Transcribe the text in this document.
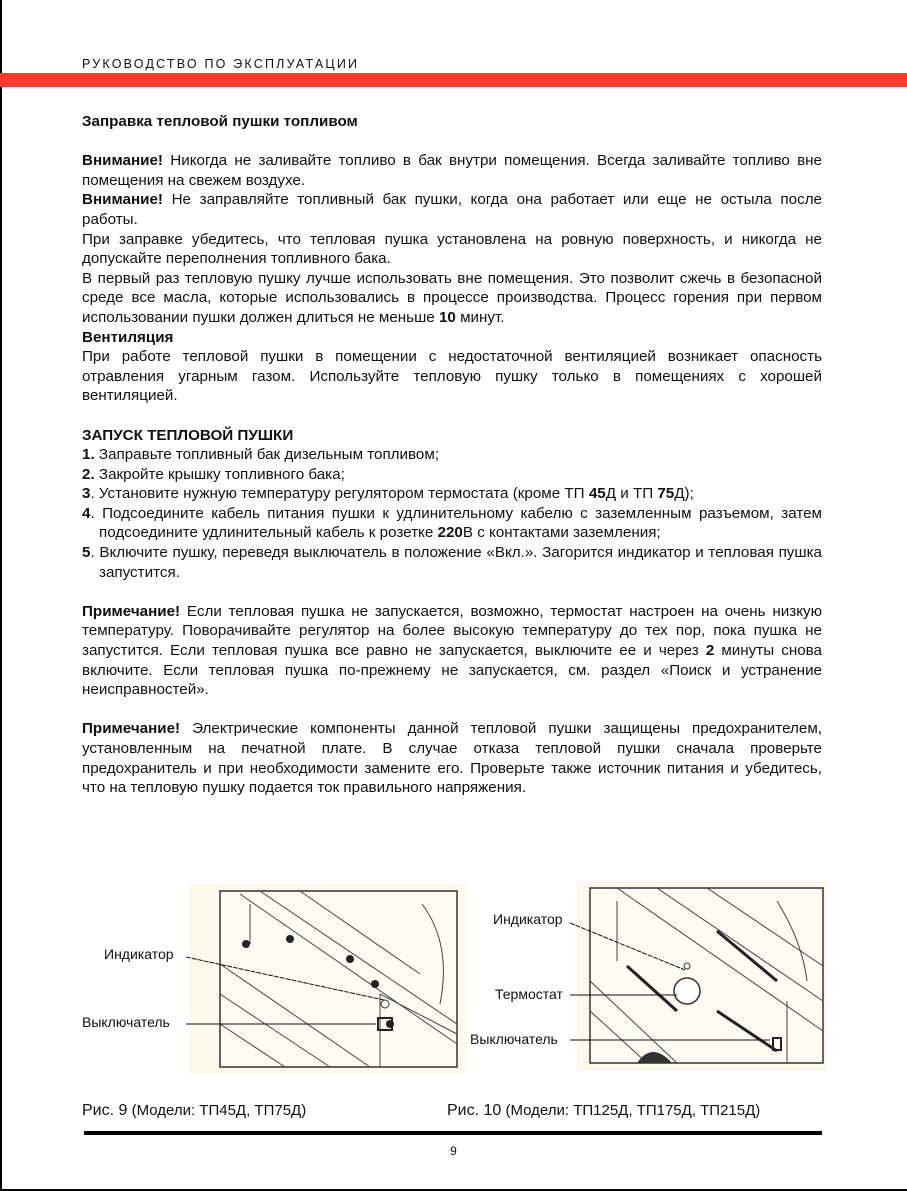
РУКОВОДСТВО ПО ЭКСПЛУАТАЦИИ
Заправка тепловой пушки топливом

Внимание! Никогда не заливайте топливо в бак внутри помещения. Всегда заливайте топливо вне помещения на свежем воздухе.

Внимание! Не заправляйте топливный бак пушки, когда она работает или еще не остыла после работы.

При заправке убедитесь, что тепловая пушка установлена на ровную поверхность, и никогда не допускайте переполнения топливного бака.

В первый раз тепловую пушку лучше использовать вне помещения. Это позволит сжечь в безопасной среде все масла, которые использовались в процессе производства. Процесс горения при первом использовании пушки должен длиться не меньше 10 минут.

Вентиляция

При работе тепловой пушки в помещении с недостаточной вентиляцией возникает опасность отравления угарным газом. Используйте тепловую пушку только в помещениях с хорошей вентиляцией.

ЗАПУСК ТЕПЛОВОЙ ПУШКИ

1. Заправьте топливный бак дизельным топливом;

2. Закройте крышку топливного бака;

3. Установите нужную температуру регулятором термостата (кроме ТП 45Д и ТП 75Д);

4. Подсоедините кабель питания пушки к удлинительному кабелю с заземленным разъемом, затем подсоедините удлинительный кабель к розетке 220В с контактами заземления;

5. Включите пушку, переведя выключатель в положение «Вкл.». Загорится индикатор и тепловая пушка запустится.

Примечание! Если тепловая пушка не запускается, возможно, термостат настроен на очень низкую температуру. Поворачивайте регулятор на более высокую температуру до тех пор, пока пушка не запустится. Если тепловая пушка все равно не запускается, выключите ее и через 2 минуты снова включите. Если тепловая пушка по-прежнему не запускается, см. раздел «Поиск и устранение неисправностей».

Примечание! Электрические компоненты данной тепловой пушки защищены предохранителем, установленным на печатной плате. В случае отказа тепловой пушки сначала проверьте предохранитель и при необходимости замените его. Проверьте также источник питания и убедитесь, что на тепловую пушку подается ток правильного напряжения.

Индикатор
Выключатель
Индикатор
Термостат
Выключатель
Рис. 9 (Модели: ТП45Д, ТП75Д)	Рис. 10 (Модели: ТП125Д, ТП175Д, ТП215Д)
9
